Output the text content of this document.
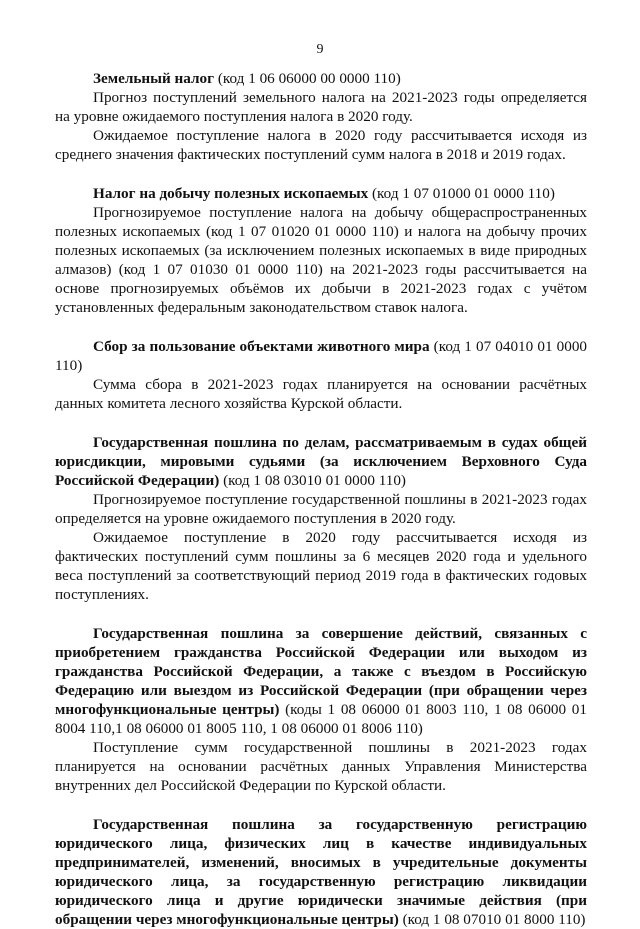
9

Земельный налог (код 1 06 06000 00 0000 110)

Прогноз поступлений земельного налога на 2021-2023 годы определяется на уровне ожидаемого поступления налога в 2020 году.

Ожидаемое поступление налога в 2020 году рассчитывается исходя из среднего значения фактических поступлений сумм налога в 2018 и 2019 годах.

Налог на добычу полезных ископаемых (код 1 07 01000 01 0000 110)

Прогнозируемое поступление налога на добычу общераспространенных полезных ископаемых (код 1 07 01020 01 0000 110) и налога на добычу прочих полезных ископаемых (за исключением полезных ископаемых в виде природных алмазов) (код 1 07 01030 01 0000 110) на 2021-2023 годы рассчитывается на основе прогнозируемых объёмов их добычи в 2021-2023 годах с учётом установленных федеральным законодательством ставок налога.

Сбор за пользование объектами животного мира (код 1 07 04010 01 0000 110)

Сумма сбора в 2021-2023 годах планируется на основании расчётных данных комитета лесного хозяйства Курской области.

Государственная пошлина по делам, рассматриваемым в судах общей юрисдикции, мировыми судьями (за исключением Верховного Суда Российской Федерации) (код 1 08 03010 01 0000 110)

Прогнозируемое поступление государственной пошлины в 2021-2023 годах определяется на уровне ожидаемого поступления в 2020 году.

Ожидаемое поступление в 2020 году рассчитывается исходя из фактических поступлений сумм пошлины за 6 месяцев 2020 года и удельного веса поступлений за соответствующий период 2019 года в фактических годовых поступлениях.

Государственная пошлина за совершение действий, связанных с приобретением гражданства Российской Федерации или выходом из гражданства Российской Федерации, а также с въездом в Российскую Федерацию или выездом из Российской Федерации (при обращении через многофункциональные центры) (коды 1 08 06000 01 8003 110, 1 08 06000 01 8004 110,1 08 06000 01 8005 110, 1 08 06000 01 8006 110)

Поступление сумм государственной пошлины в 2021-2023 годах планируется на основании расчётных данных Управления Министерства внутренних дел Российской Федерации по Курской области.

Государственная пошлина за государственную регистрацию юридического лица, физических лиц в качестве индивидуальных предпринимателей, изменений, вносимых в учредительные документы юридического лица, за государственную регистрацию ликвидации юридического лица и другие юридически значимые действия (при обращении через многофункциональные центры) (код 1 08 07010 01 8000 110)
